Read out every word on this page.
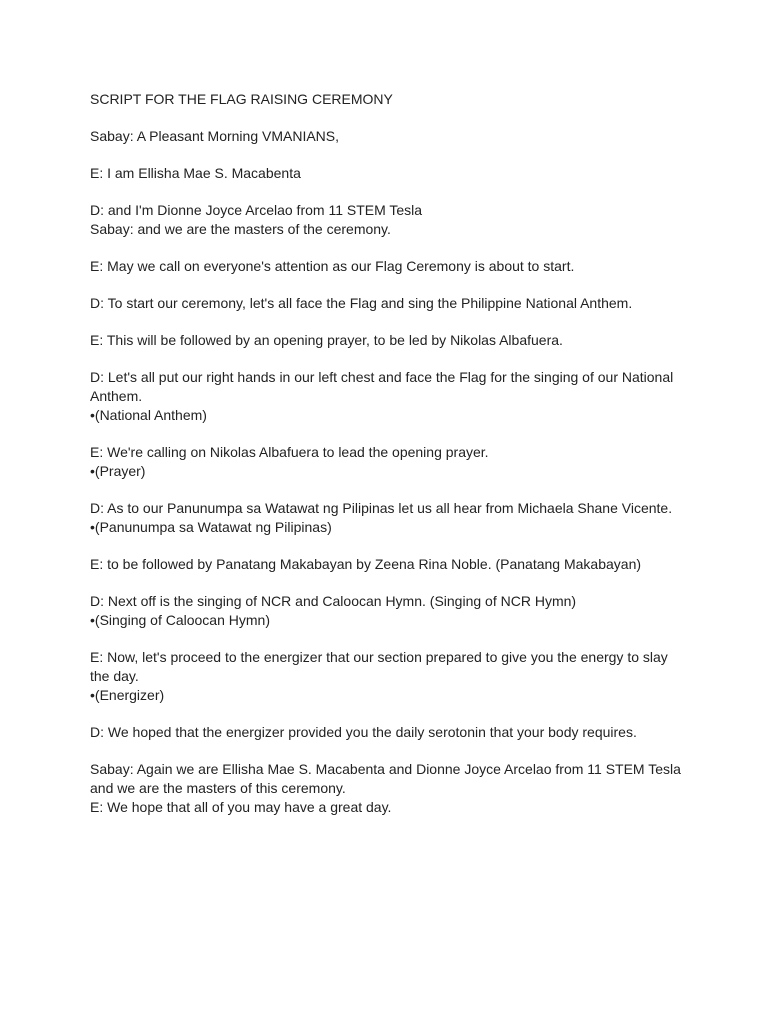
SCRIPT FOR THE FLAG RAISING CEREMONY

Sabay: A Pleasant Morning VMANIANS,

E: I am Ellisha Mae S. Macabenta

D: and I'm Dionne Joyce Arcelao from 11 STEM Tesla

Sabay: and we are the masters of the ceremony.

E: May we call on everyone's attention as our Flag Ceremony is about to start.

D: To start our ceremony, let's all face the Flag and sing the Philippine National Anthem.

E: This will be followed by an opening prayer, to be led by Nikolas Albafuera.

D: Let's all put our right hands in our left chest and face the Flag for the singing of our National

Anthem.

•(National Anthem)

E: We're calling on Nikolas Albafuera to lead the opening prayer.

•(Prayer)

D: As to our Panunumpa sa Watawat ng Pilipinas let us all hear from Michaela Shane Vicente.

•(Panunumpa sa Watawat ng Pilipinas)

E: to be followed by Panatang Makabayan by Zeena Rina Noble. (Panatang Makabayan)

D: Next off is the singing of NCR and Caloocan Hymn. (Singing of NCR Hymn)

•(Singing of Caloocan Hymn)

E: Now, let's proceed to the energizer that our section prepared to give you the energy to slay

the day.

•(Energizer)

D: We hoped that the energizer provided you the daily serotonin that your body requires.

Sabay: Again we are Ellisha Mae S. Macabenta and Dionne Joyce Arcelao from 11 STEM Tesla

and we are the masters of this ceremony.

E: We hope that all of you may have a great day.
